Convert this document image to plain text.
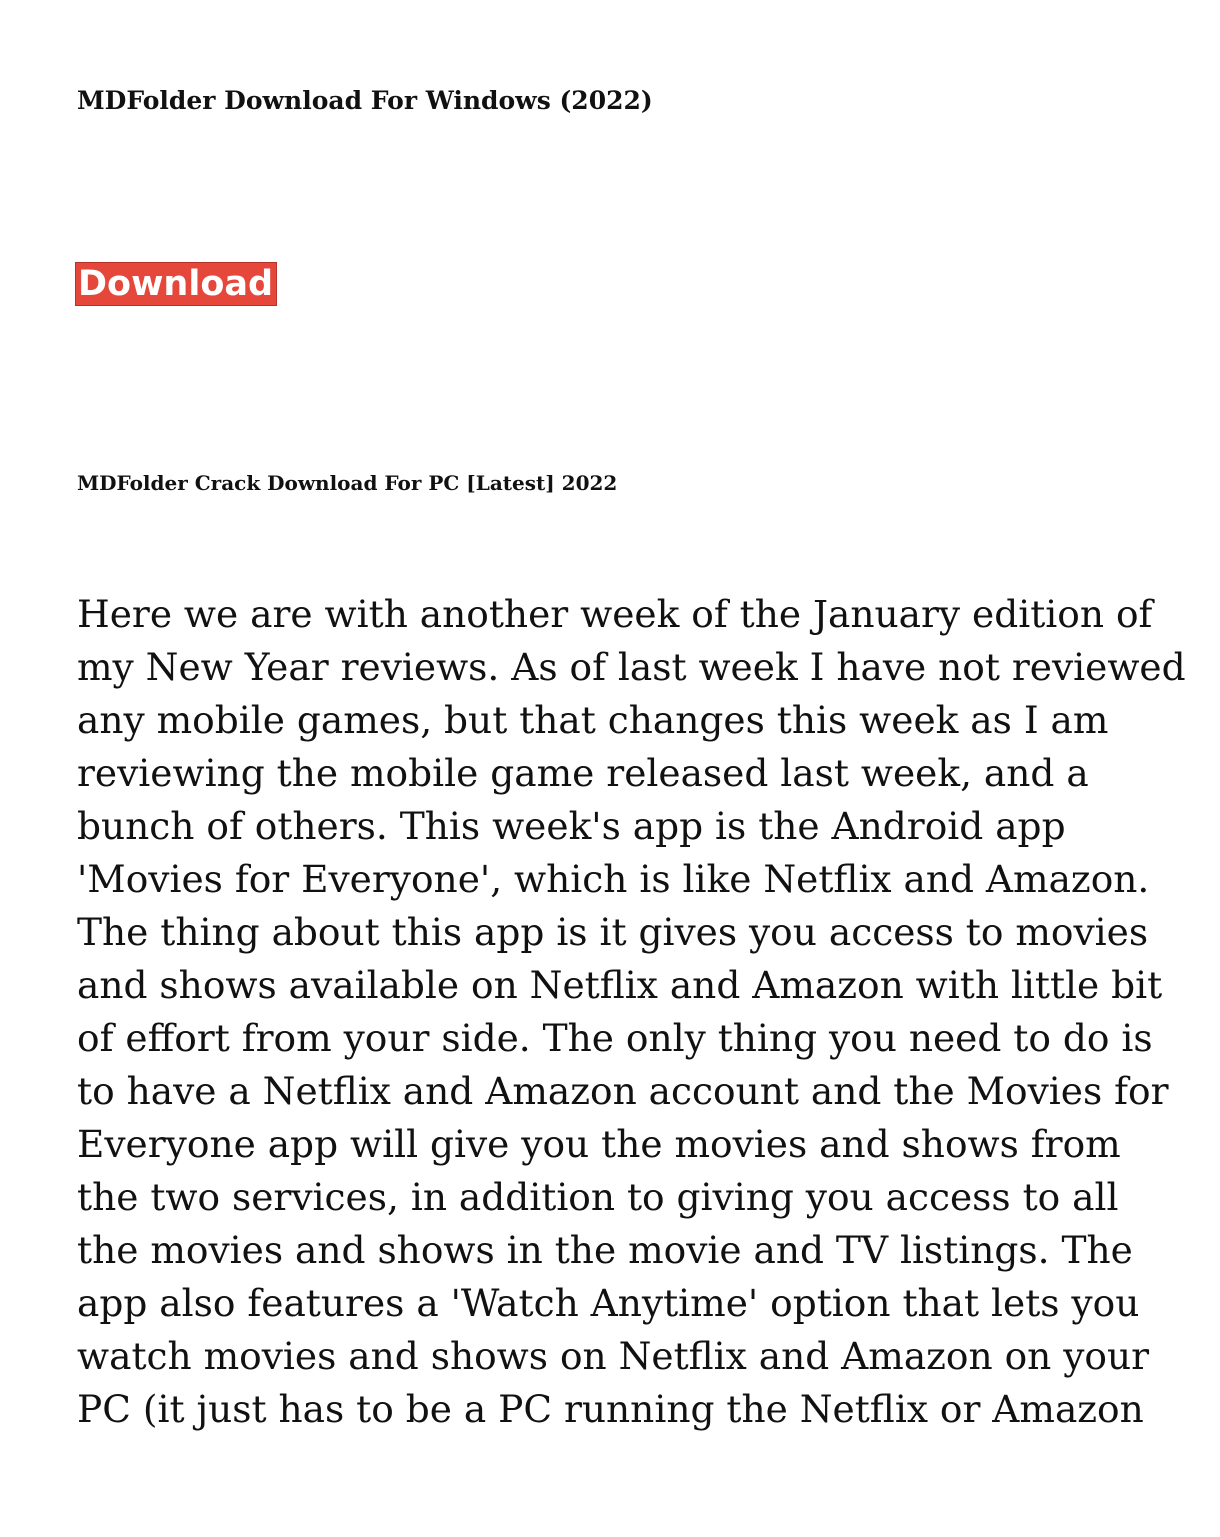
MDFolder Download For Windows (2022)
Download
MDFolder Crack Download For PC [Latest] 2022

Here we are with another week of the January edition of
my New Year reviews. As of last week I have not reviewed
any mobile games, but that changes this week as I am
reviewing the mobile game released last week, and a
bunch of others. This week's app is the Android app
'Movies for Everyone', which is like Netflix and Amazon.
The thing about this app is it gives you access to movies
and shows available on Netflix and Amazon with little bit
of effort from your side. The only thing you need to do is
to have a Netflix and Amazon account and the Movies for
Everyone app will give you the movies and shows from
the two services, in addition to giving you access to all
the movies and shows in the movie and TV listings. The
app also features a 'Watch Anytime' option that lets you
watch movies and shows on Netflix and Amazon on your
PC (it just has to be a PC running the Netflix or Amazon
